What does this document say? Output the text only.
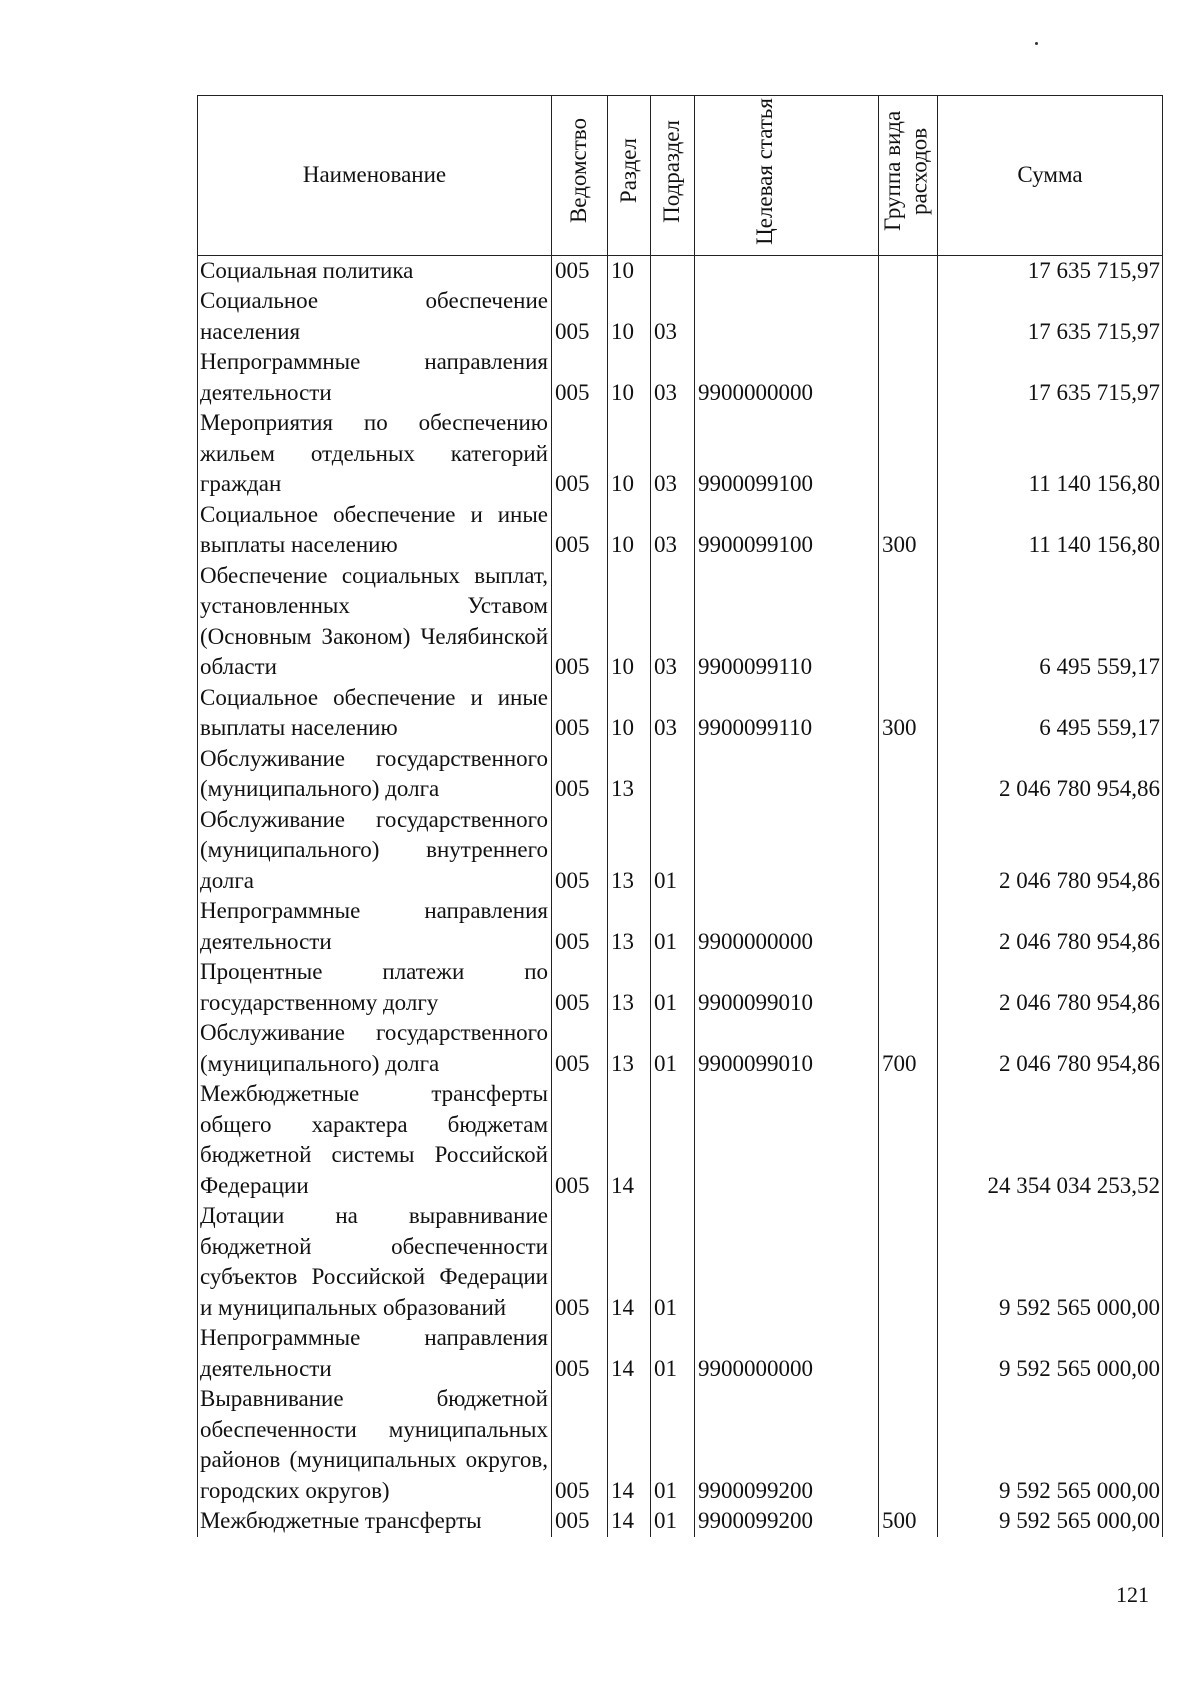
Наименование	Ведомство	Раздел	Подраздел	Целевая статья	Группа вида расходов	Сумма
Социальная политика	005	10				17 635 715,97
Социальное обеспечение населения	005	10	03			17 635 715,97
Непрограммные направления деятельности	005	10	03	9900000000		17 635 715,97
Мероприятия по обеспечению жильем отдельных категорий граждан	005	10	03	9900099100		11 140 156,80
Социальное обеспечение и иные выплаты населению	005	10	03	9900099100	300	11 140 156,80
Обеспечение социальных выплат, установленных Уставом (Основным Законом) Челябинской области	005	10	03	9900099110		6 495 559,17
Социальное обеспечение и иные выплаты населению	005	10	03	9900099110	300	6 495 559,17
Обслуживание государственного (муниципального) долга	005	13				2 046 780 954,86
Обслуживание государственного (муниципального) внутреннего долга	005	13	01			2 046 780 954,86
Непрограммные направления деятельности	005	13	01	9900000000		2 046 780 954,86
Процентные платежи по государственному долгу	005	13	01	9900099010		2 046 780 954,86
Обслуживание государственного (муниципального) долга	005	13	01	9900099010	700	2 046 780 954,86
Межбюджетные трансферты общего характера бюджетам бюджетной системы Российской Федерации	005	14				24 354 034 253,52
Дотации на выравнивание бюджетной обеспеченности субъектов Российской Федерации и муниципальных образований	005	14	01			9 592 565 000,00
Непрограммные направления деятельности	005	14	01	9900000000		9 592 565 000,00
Выравнивание бюджетной обеспеченности муниципальных районов (муниципальных округов, городских округов)	005	14	01	9900099200		9 592 565 000,00
Межбюджетные трансферты	005	14	01	9900099200	500	9 592 565 000,00
121
